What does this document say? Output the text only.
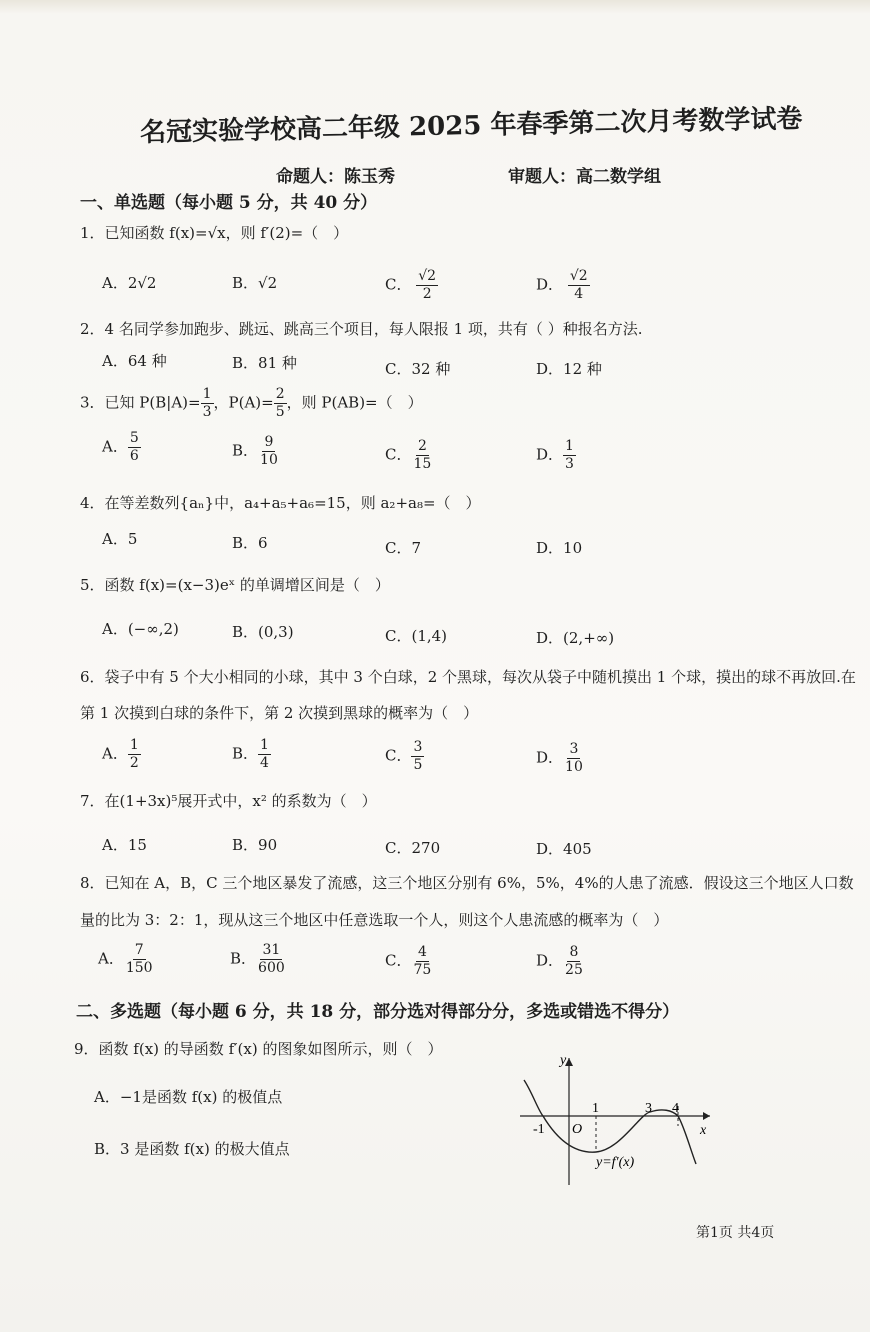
名冠实验学校高二年级 2025 年春季第二次月考数学试卷
命题人：陈玉秀	审题人：高二数学组
一、单选题（每小题 5 分，共 40 分）
1．已知函数 f(x)=√x，则 f′(2)=（　）
A．2√2	B．√2	C． $\frac{√2}{2}$	D． $\frac{√2}{4}$
2．4 名同学参加跑步、跳远、跳高三个项目，每人限报 1 项，共有（ ）种报名方法.
A．64 种	B．81 种	C．32 种	D．12 种
3．已知 $P(B|A)= \frac{1}{3}$ ，$P(A)= \frac{2}{5}$ ，则 P(AB)=（　）
A． $\frac{5}{6}$	B． $\frac{9}{10}$	C． $\frac{2}{15}$	D． $\frac{1}{3}$
4．在等差数列{aₙ}中，a₄+a₅+a₆=15，则 a₂+a₈=（　）
A．5	B．6	C．7	D．10
5．函数 f(x)=(x−3)eˣ 的单调增区间是（　）
A．(−∞,2)	B．(0,3)	C．(1,4)	D．(2,+∞)
6．袋子中有 5 个大小相同的小球，其中 3 个白球，2 个黑球，每次从袋子中随机摸出 1 个球，摸出的球不再放回.在
第 1 次摸到白球的条件下，第 2 次摸到黑球的概率为（　）
A． $\frac{1}{2}$	B． $\frac{1}{4}$	C． $\frac{3}{5}$	D． $\frac{3}{10}$
7．在(1+3x)⁵展开式中，x² 的系数为（　）
A．15	B．90	C．270	D．405
8．已知在 A，B，C 三个地区暴发了流感，这三个地区分别有 6%，5%，4%的人患了流感．假设这三个地区人口数
量的比为 3：2：1，现从这三个地区中任意选取一个人，则这个人患流感的概率为（　）
A． $\frac{7}{150}$	B． $\frac{31}{600}$	C． $\frac{4}{75}$	D． $\frac{8}{25}$
二、多选题（每小题 6 分，共 18 分，部分选对得部分分，多选或错选不得分）
9．函数 f(x) 的导函数 f′(x) 的图象如图所示，则（　）
A．−1是函数 f(x) 的极值点
B．3 是函数 f(x) 的极大值点
y
x
O
-1
1	3 4
y=f′(x)
第1页 共4页
